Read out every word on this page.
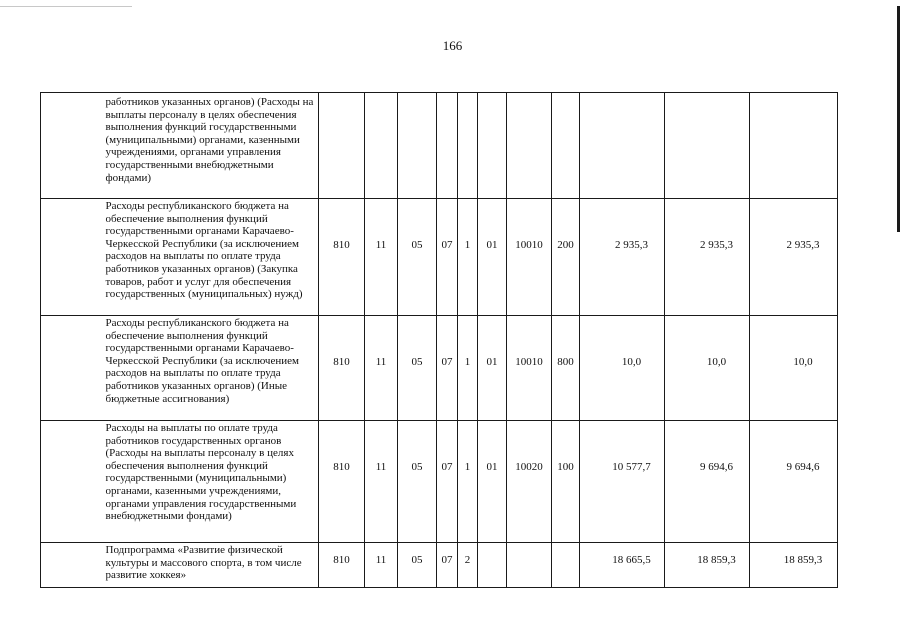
166
	работников указанных органов) (Расходы на выплаты персоналу в целях обеспечения выполнения функций государственными (муниципальными) органами, казенными учреждениями, органами управления государственными внебюджетными фондами)											
	Расходы республиканского бюджета на обеспечение выполнения функций государственными органами Карачаево-Черкесской Республики (за исключением расходов на выплаты по оплате труда работников указанных органов) (Закупка товаров, работ и услуг для обеспечения государственных (муниципальных) нужд)	810	11	05	07	1	01	10010	200	2 935,3	2 935,3	2 935,3
	Расходы республиканского бюджета на обеспечение выполнения функций государственными органами Карачаево-Черкесской Республики (за исключением расходов на выплаты по оплате труда работников указанных органов) (Иные бюджетные ассигнования)	810	11	05	07	1	01	10010	800	10,0	10,0	10,0
	Расходы на выплаты по оплате труда работников государственных органов (Расходы на выплаты персоналу в целях обеспечения выполнения функций государственными (муниципальными) органами, казенными учреждениями, органами управления государственными внебюджетными фондами)	810	11	05	07	1	01	10020	100	10 577,7	9 694,6	9 694,6
	Подпрограмма «Развитие физической культуры и массового спорта, в том числе развитие хоккея»	810	11	05	07	2				18 665,5	18 859,3	18 859,3
